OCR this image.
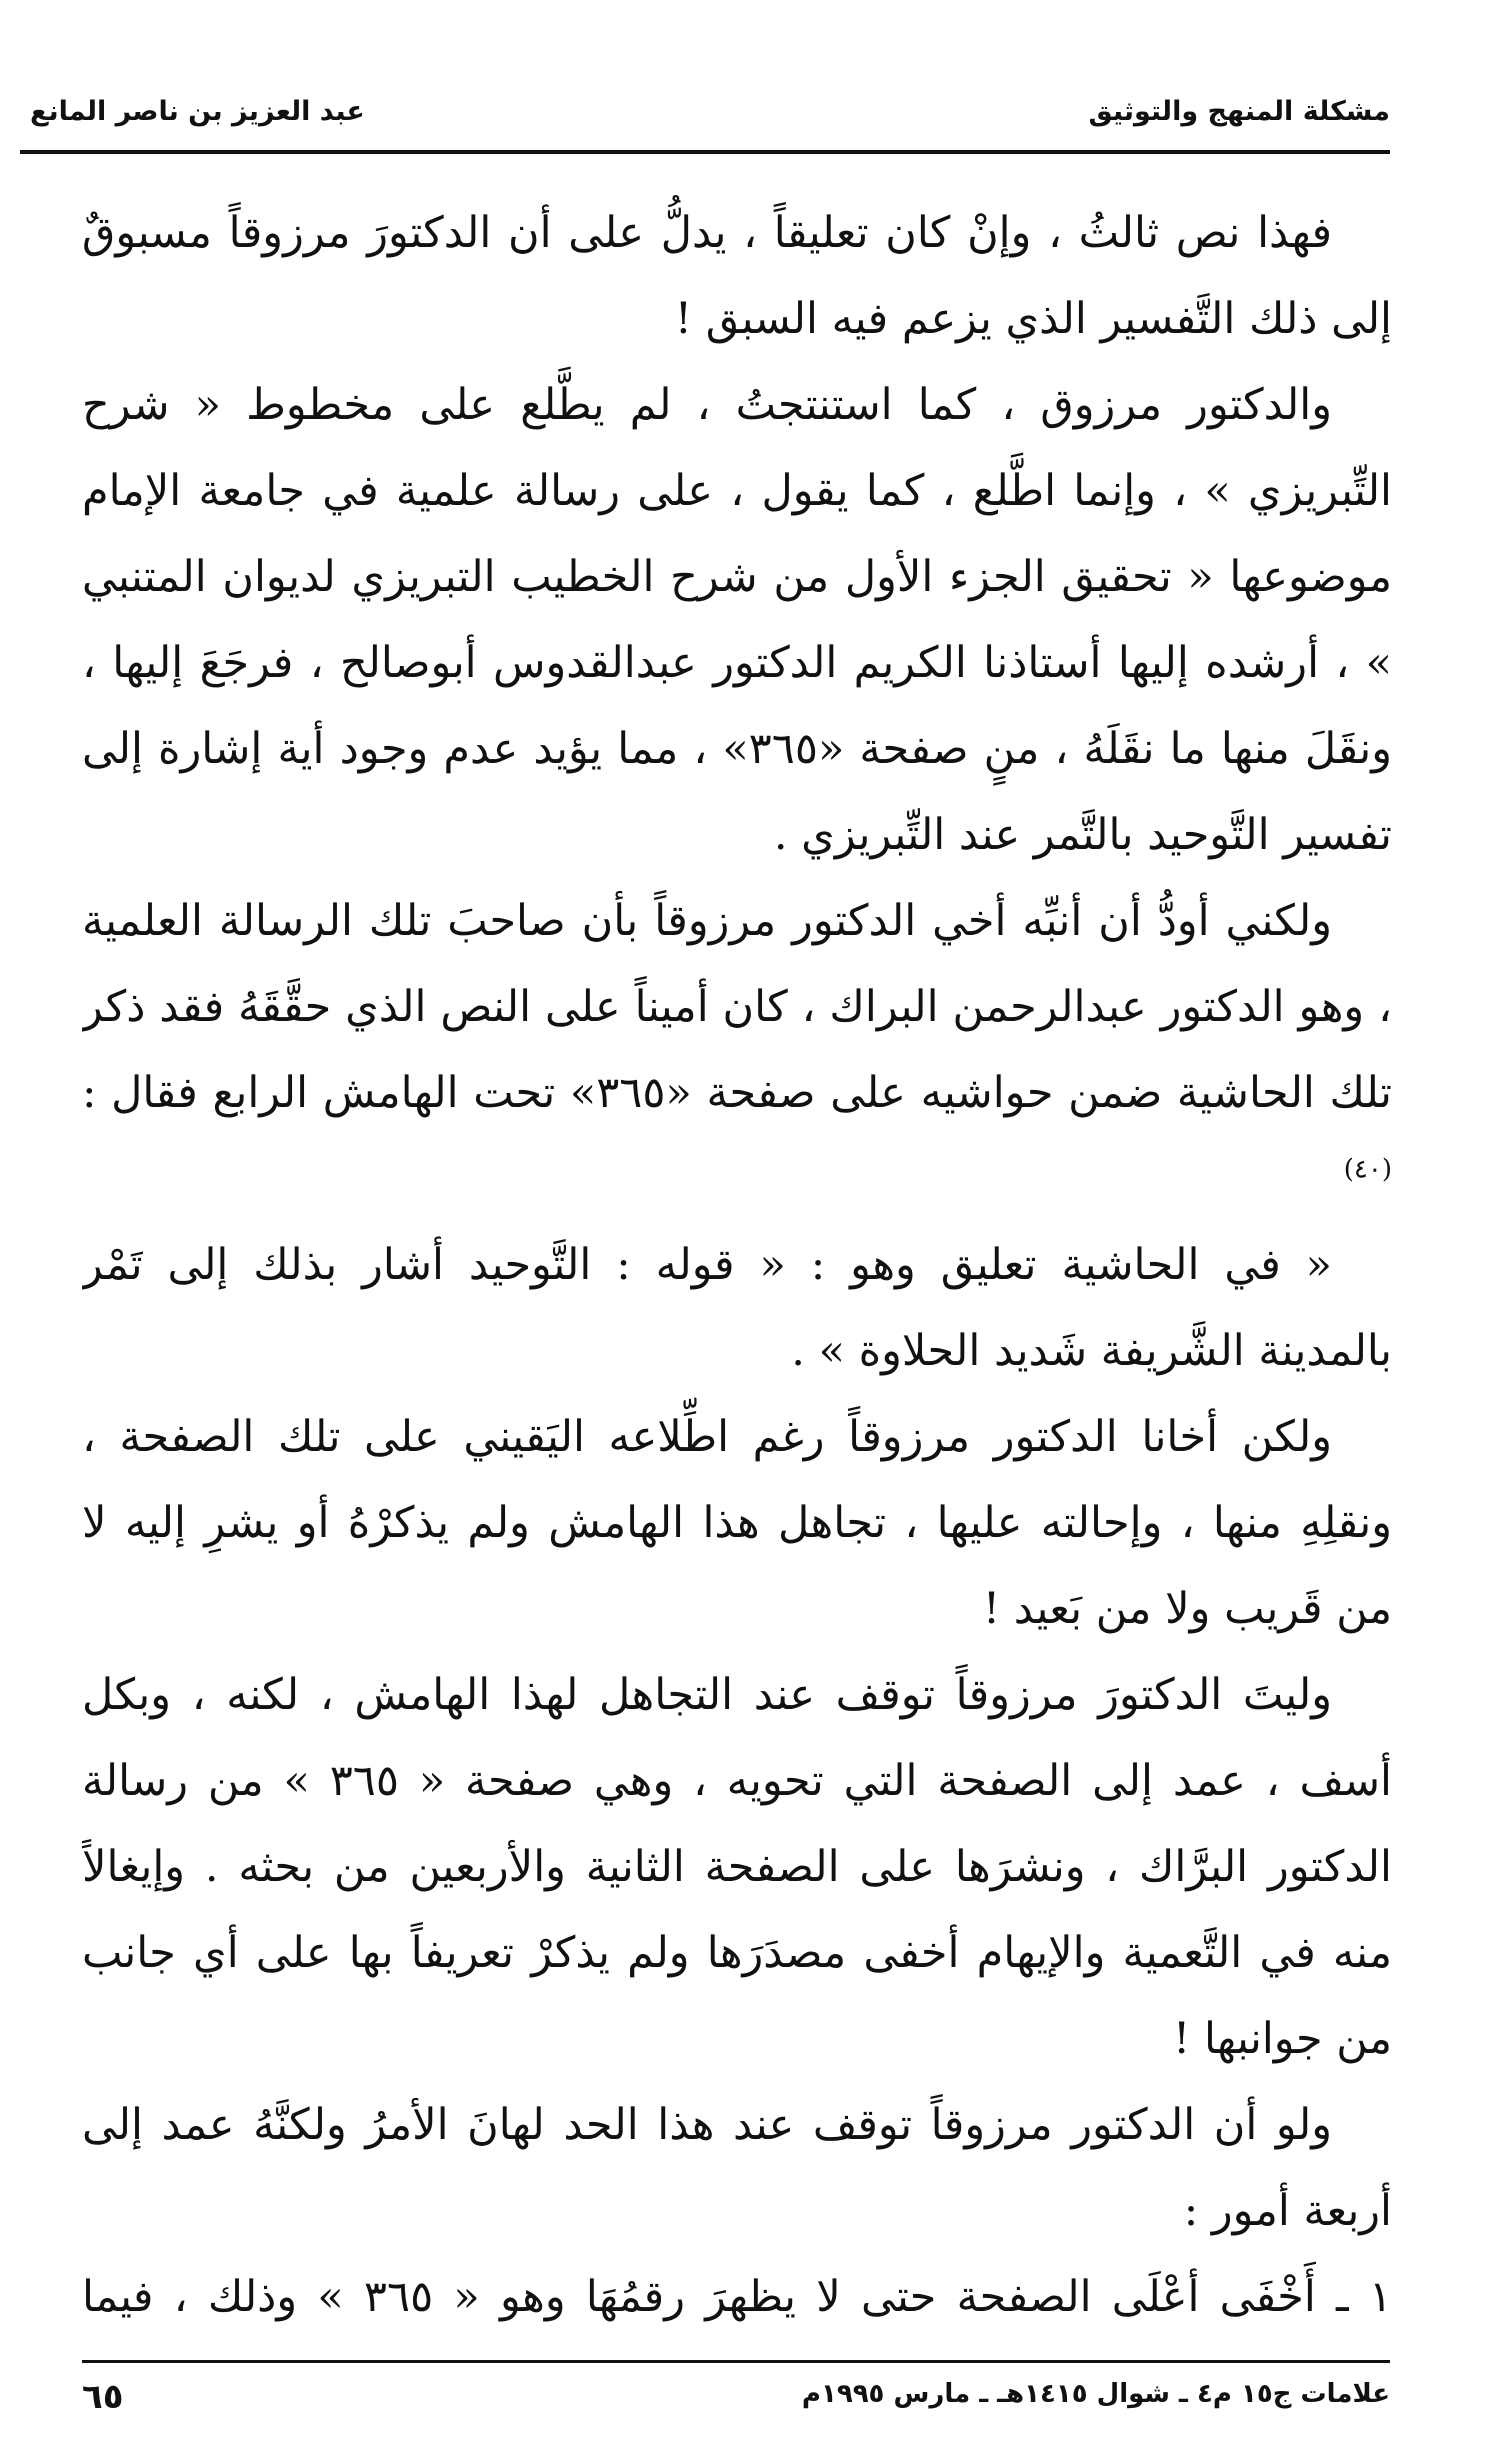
مشكلة المنهج والتوثيق
عبد العزيز بن ناصر المانع

فهذا نص ثالثُ ، وإنْ كان تعليقاً ، يدلُّ على أن الدكتورَ مرزوقاً مسبوقٌ إلى ذلك التَّفسير الذي يزعم فيه السبق !

والدكتور مرزوق ، كما استنتجتُ ، لم يطَّلع على مخطوط « شرح التِّبريزي » ، وإنما اطَّلع ، كما يقول ، على رسالة علمية في جامعة الإمام موضوعها « تحقيق الجزء الأول من شرح الخطيب التبريزي لديوان المتنبي » ، أرشده إليها أستاذنا الكريم الدكتور عبدالقدوس أبوصالح ، فرجَعَ إليها ، ونقَلَ منها ما نقَلَهُ ، منٍ صفحة «٣٦٥» ، مما يؤيد عدم وجود أية إشارة إلى تفسير التَّوحيد بالتَّمر عند التِّبريزي .

ولكني أودُّ أن أنبِّه أخي الدكتور مرزوقاً بأن صاحبَ تلك الرسالة العلمية ، وهو الدكتور عبدالرحمن البراك ، كان أميناً على النص الذي حقَّقَهُ فقد ذكر تلك الحاشية ضمن حواشيه على صفحة «٣٦٥» تحت الهامش الرابع فقال :$^{(٤٠)}$

« في الحاشية تعليق وهو : « قوله : التَّوحيد أشار بذلك إلى تَمْر بالمدينة الشَّريفة شَديد الحلاوة » .

ولكن أخانا الدكتور مرزوقاً رغم اطِّلاعه اليَقيني على تلك الصفحة ، ونقلِهِ منها ، وإحالته عليها ، تجاهل هذا الهامش ولم يذكرْهُ أو يشرِ إليه لا من قَريب ولا من بَعيد !

وليتَ الدكتورَ مرزوقاً توقف عند التجاهل لهذا الهامش ، لكنه ، وبكل أسف ، عمد إلى الصفحة التي تحويه ، وهي صفحة « ٣٦٥ » من رسالة الدكتور البرَّاك ، ونشرَها على الصفحة الثانية والأربعين من بحثه . وإيغالاً منه في التَّعمية والإيهام أخفى مصدَرَها ولم يذكرْ تعريفاً بها على أي جانب من جوانبها !

ولو أن الدكتور مرزوقاً توقف عند هذا الحد لهانَ الأمرُ ولكنَّهُ عمد إلى أربعة أمور :

١ ـ أَخْفَى أعْلَى الصفحة حتى لا يظهرَ رقمُهَا وهو « ٣٦٥ » وذلك ، فيما

علامات ج١٥ م٤ ـ شوال ١٤١٥هـ ـ مارس ١٩٩٥م
٦٥
